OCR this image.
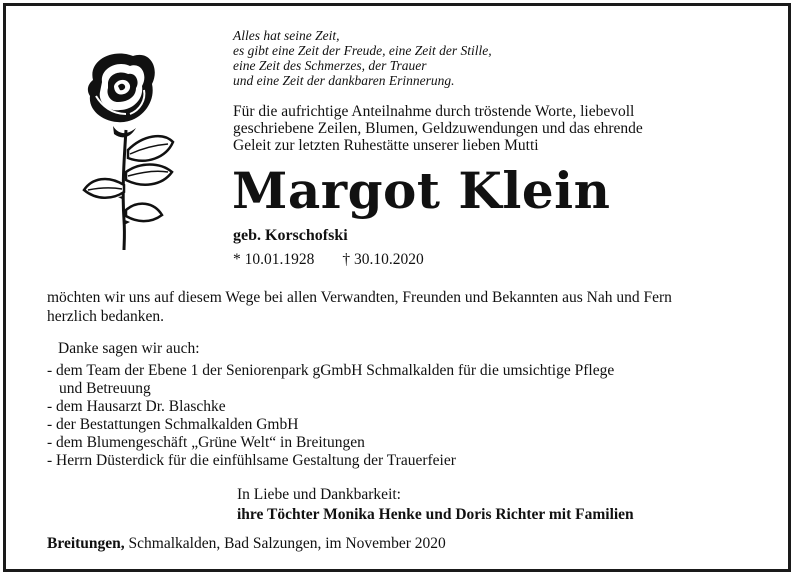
Alles hat seine Zeit,
es gibt eine Zeit der Freude, eine Zeit der Stille,
eine Zeit des Schmerzes, der Trauer
und eine Zeit der dankbaren Erinnerung.
Für die aufrichtige Anteilnahme durch tröstende Worte, liebevoll
geschriebene Zeilen, Blumen, Geldzuwendungen und das ehrende
Geleit zur letzten Ruhestätte unserer lieben Mutti
Margot Klein
geb. Korschofski
* 10.01.1928 † 30.10.2020
möchten wir uns auf diesem Wege bei allen Verwandten, Freunden und Bekannten aus Nah und Fern
herzlich bedanken.
Danke sagen wir auch:
- dem Team der Ebene 1 der Seniorenpark gGmbH Schmalkalden für die umsichtige Pflege
und Betreuung
- dem Hausarzt Dr. Blaschke
- der Bestattungen Schmalkalden GmbH
- dem Blumengeschäft „Grüne Welt“ in Breitungen
- Herrn Düsterdick für die einfühlsame Gestaltung der Trauerfeier
In Liebe und Dankbarkeit:
ihre Töchter Monika Henke und Doris Richter mit Familien
Breitungen, Schmalkalden, Bad Salzungen, im November 2020
